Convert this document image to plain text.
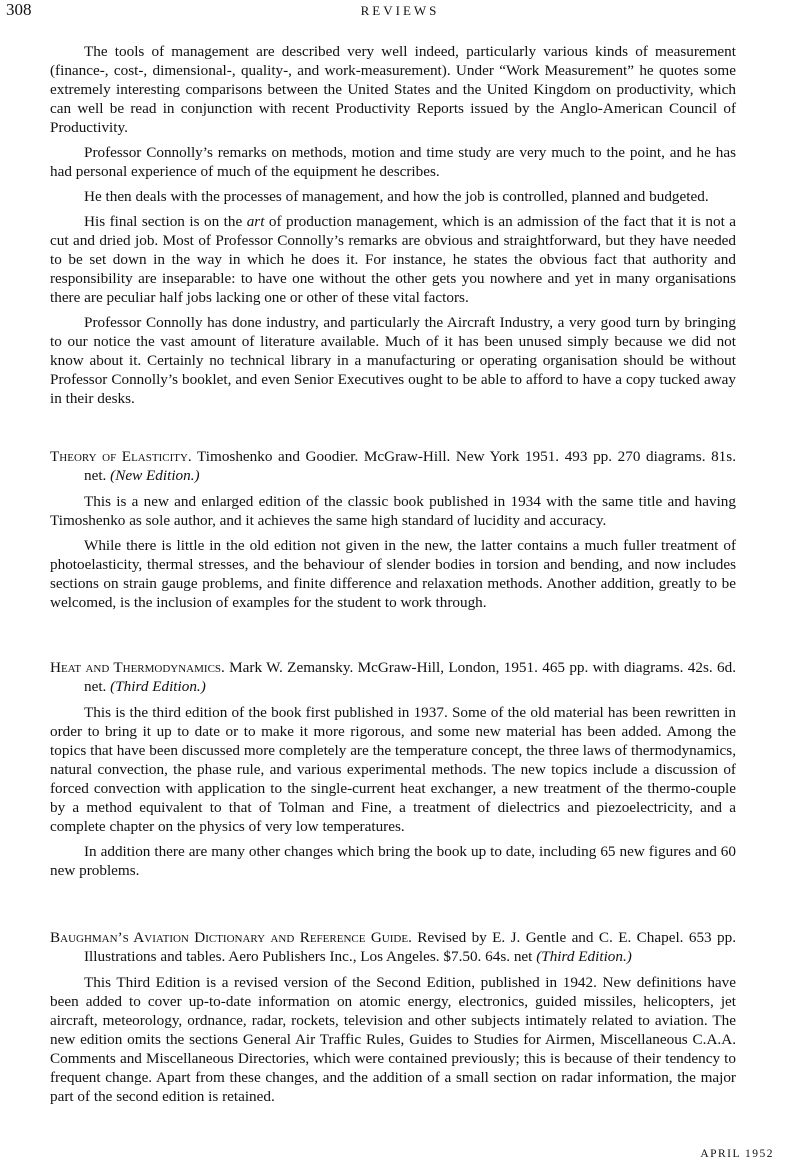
308	REVIEWS

The tools of management are described very well indeed, particularly various kinds of measurement (finance-, cost-, dimensional-, quality-, and work-measurement). Under “Work Measurement” he quotes some extremely interesting comparisons between the United States and the United Kingdom on productivity, which can well be read in conjunction with recent Productivity Reports issued by the Anglo-American Council of Productivity.

Professor Connolly’s remarks on methods, motion and time study are very much to the point, and he has had personal experience of much of the equipment he describes.

He then deals with the processes of management, and how the job is controlled, planned and budgeted.

His final section is on the art of production management, which is an admission of the fact that it is not a cut and dried job. Most of Professor Connolly’s remarks are obvious and straightforward, but they have needed to be set down in the way in which he does it. For instance, he states the obvious fact that authority and responsibility are inseparable: to have one without the other gets you nowhere and yet in many organisations there are peculiar half jobs lacking one or other of these vital factors.

Professor Connolly has done industry, and particularly the Aircraft Industry, a very good turn by bringing to our notice the vast amount of literature available. Much of it has been unused simply because we did not know about it. Certainly no technical library in a manufacturing or operating organisation should be without Professor Connolly’s booklet, and even Senior Executives ought to be able to afford to have a copy tucked away in their desks.

Theory of Elasticity. Timoshenko and Goodier. McGraw-Hill. New York 1951. 493 pp. 270 diagrams. 81s. net. (New Edition.)

This is a new and enlarged edition of the classic book published in 1934 with the same title and having Timoshenko as sole author, and it achieves the same high standard of lucidity and accuracy.

While there is little in the old edition not given in the new, the latter contains a much fuller treatment of photoelasticity, thermal stresses, and the behaviour of slender bodies in torsion and bending, and now includes sections on strain gauge problems, and finite difference and relaxation methods. Another addition, greatly to be welcomed, is the inclusion of examples for the student to work through.

Heat and Thermodynamics. Mark W. Zemansky. McGraw-Hill, London, 1951. 465 pp. with diagrams. 42s. 6d. net. (Third Edition.)

This is the third edition of the book first published in 1937. Some of the old material has been rewritten in order to bring it up to date or to make it more rigorous, and some new material has been added. Among the topics that have been discussed more completely are the temperature concept, the three laws of thermodynamics, natural convection, the phase rule, and various experimental methods. The new topics include a discussion of forced convection with application to the single-current heat exchanger, a new treatment of the thermo-couple by a method equivalent to that of Tolman and Fine, a treatment of dielectrics and piezoelectricity, and a complete chapter on the physics of very low temperatures.

In addition there are many other changes which bring the book up to date, including 65 new figures and 60 new problems.

Baughman’s Aviation Dictionary and Reference Guide. Revised by E. J. Gentle and C. E. Chapel. 653 pp. Illustrations and tables. Aero Publishers Inc., Los Angeles. $7.50. 64s. net (Third Edition.)

This Third Edition is a revised version of the Second Edition, published in 1942. New definitions have been added to cover up-to-date information on atomic energy, electronics, guided missiles, helicopters, jet aircraft, meteorology, ordnance, radar, rockets, television and other subjects intimately related to aviation. The new edition omits the sections General Air Traffic Rules, Guides to Studies for Airmen, Miscellaneous C.A.A. Comments and Miscellaneous Directories, which were contained previously; this is because of their tendency to frequent change. Apart from these changes, and the addition of a small section on radar information, the major part of the second edition is retained.

APRIL 1952
